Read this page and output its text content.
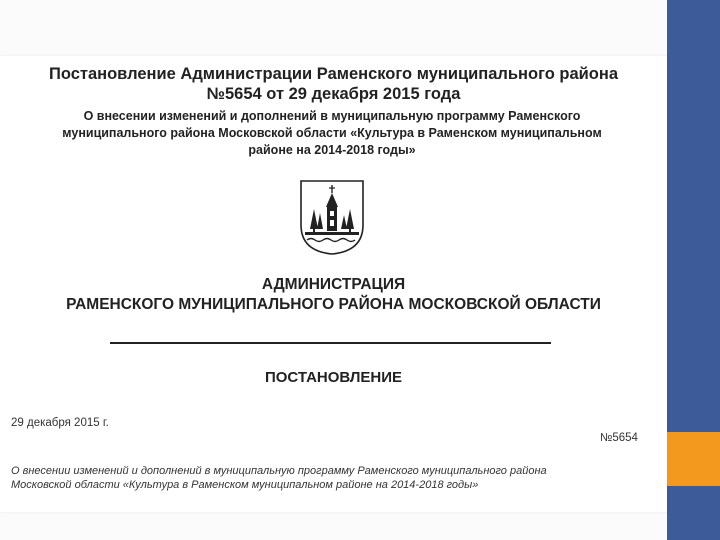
Постановление Администрации Раменского муниципального района
№5654 от 29 декабря 2015 года
О внесении изменений и дополнений в муниципальную программу Раменского
муниципального района Московской области «Культура в Раменском муниципальном
районе на 2014-2018 годы»
АДМИНИСТРАЦИЯ
РАМЕНСКОГО МУНИЦИПАЛЬНОГО РАЙОНА МОСКОВСКОЙ ОБЛАСТИ
ПОСТАНОВЛЕНИЕ
29 декабря 2015 г.
№5654
О внесении изменений и дополнений в муниципальную программу Раменского муниципального района
Московской области «Культура в Раменском муниципальном районе на 2014-2018 годы»
